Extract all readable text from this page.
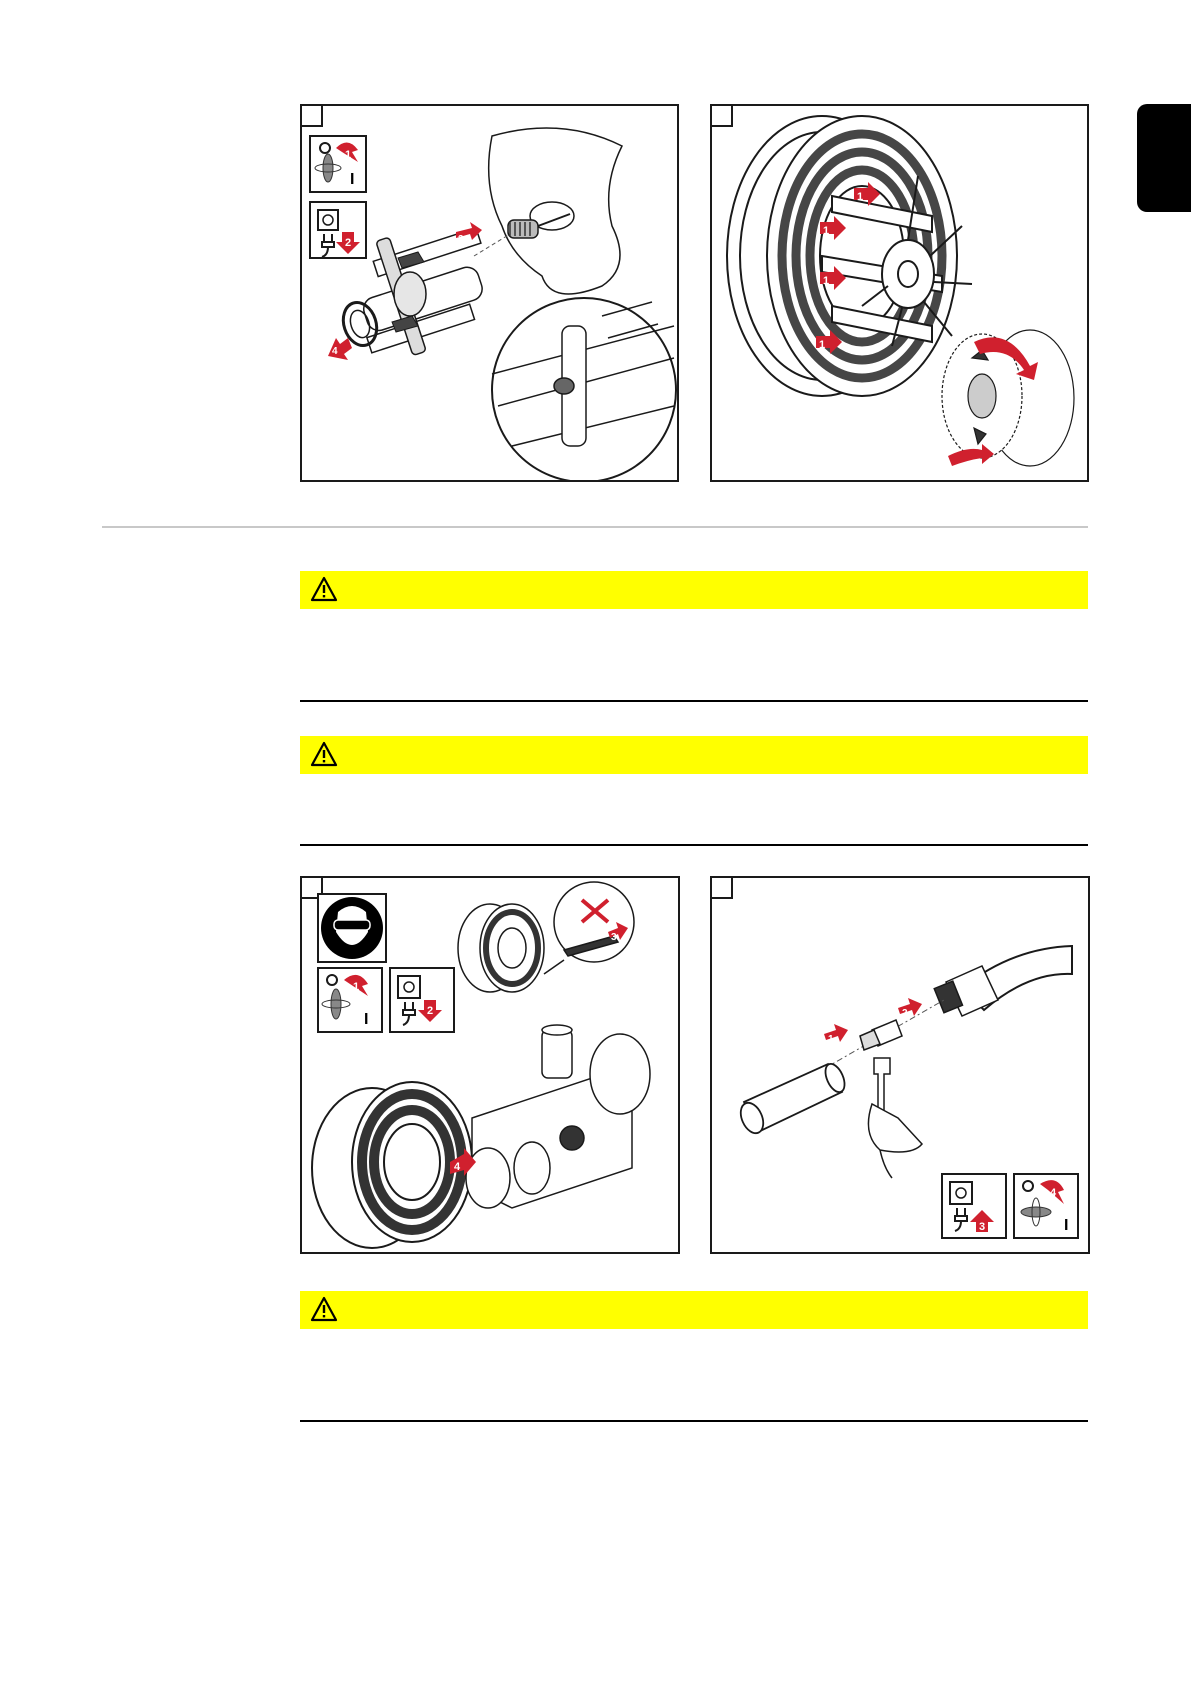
I
1
2	3
4
1
1
1
1
2
I
1
2
3
4
2
1
3	I
4
